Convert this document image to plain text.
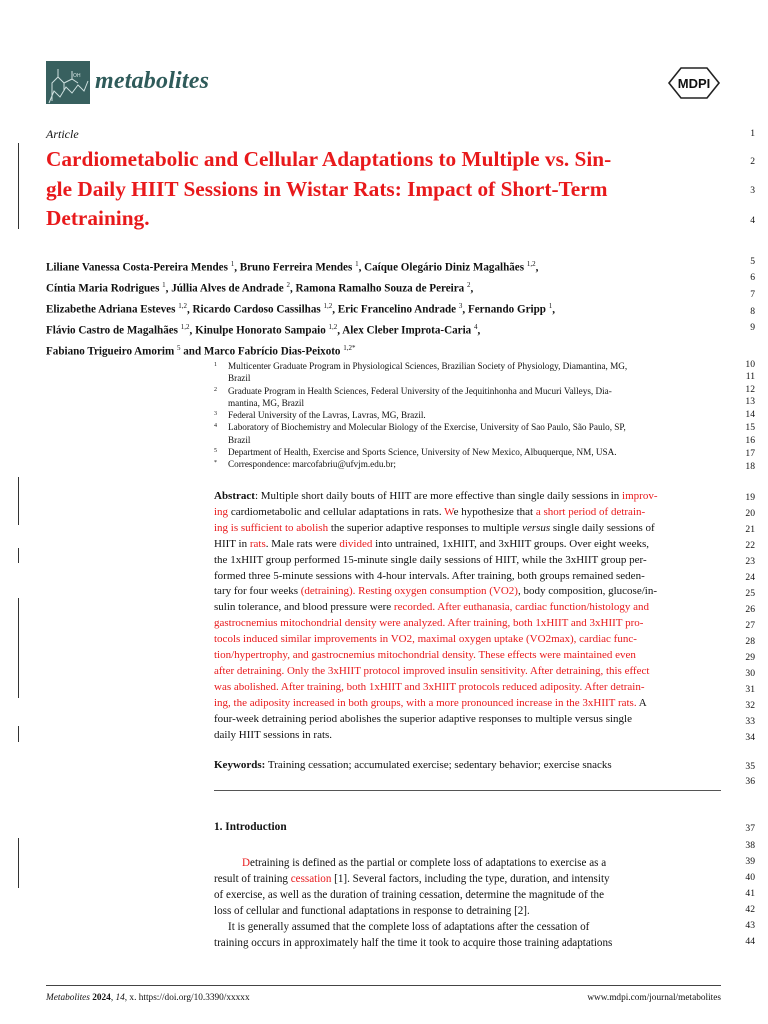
OH metabolites	MDPI
Article
Cardiometabolic and Cellular Adaptations to Multiple vs. Sin-
gle Daily HIIT Sessions in Wistar Rats: Impact of Short-Term
Detraining.
Liliane Vanessa Costa-Pereira Mendes $^1$, Bruno Ferreira Mendes $^1$, Caíque Olegário Diniz Magalhães $^{1,2}$,
Cíntia Maria Rodrigues $^1$, Júllia Alves de Andrade $^2$, Ramona Ramalho Souza de Pereira $^2$,
Elizabethe Adriana Esteves $^{1,2}$, Ricardo Cardoso Cassilhas $^{1,2}$, Eric Francelino Andrade $^3$, Fernando Gripp $^1$,
Flávio Castro de Magalhães $^{1,2}$, Kinulpe Honorato Sampaio $^{1,2}$, Alex Cleber Improta-Caria $^4$,
Fabiano Trigueiro Amorim $^5$ and Marco Fabrício Dias-Peixoto $^{1,2*}$
1 Multicenter Graduate Program in Physiological Sciences, Brazilian Society of Physiology, Diamantina, MG,
Brazil
2 Graduate Program in Health Sciences, Federal University of the Jequitinhonha and Mucuri Valleys, Dia-
mantina, MG, Brazil
3 Federal University of the Lavras, Lavras, MG, Brazil.
4 Laboratory of Biochemistry and Molecular Biology of the Exercise, University of Sao Paulo, São Paulo, SP,
Brazil
5 Department of Health, Exercise and Sports Science, University of New Mexico, Albuquerque, NM, USA.
* Correspondence: marcofabriu@ufvjm.edu.br;
Abstract: Multiple short daily bouts of HIIT are more effective than single daily sessions in improv-
ing cardiometabolic and cellular adaptations in rats. We hypothesize that a short period of detrain-
ing is sufficient to abolish the superior adaptive responses to multiple versus single daily sessions of
HIIT in rats. Male rats were divided into untrained, 1xHIIT, and 3xHIIT groups. Over eight weeks,
the 1xHIIT group performed 15-minute single daily sessions of HIIT, while the 3xHIIT group per-
formed three 5-minute sessions with 4-hour intervals. After training, both groups remained seden-
tary for four weeks (detraining). Resting oxygen consumption (VO2), body composition, glucose/in-
sulin tolerance, and blood pressure were recorded. After euthanasia, cardiac function/histology and
gastrocnemius mitochondrial density were analyzed. After training, both 1xHIIT and 3xHIIT pro-
tocols induced similar improvements in VO2, maximal oxygen uptake (VO2max), cardiac func-
tion/hypertrophy, and gastrocnemius mitochondrial density. These effects were maintained even
after detraining. Only the 3xHIIT protocol improved insulin sensitivity. After detraining, this effect
was abolished. After training, both 1xHIIT and 3xHIIT protocols reduced adiposity. After detrain-
ing, the adiposity increased in both groups, with a more pronounced increase in the 3xHIIT rats. A
four-week detraining period abolishes the superior adaptive responses to multiple versus single
daily HIIT sessions in rats.
Keywords: Training cessation; accumulated exercise; sedentary behavior; exercise snacks
1. Introduction
Detraining is defined as the partial or complete loss of adaptations to exercise as a
result of training cessation [1]. Several factors, including the type, duration, and intensity
of exercise, as well as the duration of training cessation, determine the magnitude of the
loss of cellular and functional adaptations in response to detraining [2].
It is generally assumed that the complete loss of adaptations after the cessation of
training occurs in approximately half the time it took to acquire those training adaptations
1
2
3
4
5
6
7
8
9
10
11
12
13
14
15
16
17
18
19
20
21
22
23
24
25
26
27
28
29
30
31
32
33
34
35
36
37
38
39
40
41
42
43
44
Metabolites 2024, 14, x. https://doi.org/10.3390/xxxxx	www.mdpi.com/journal/metabolites
